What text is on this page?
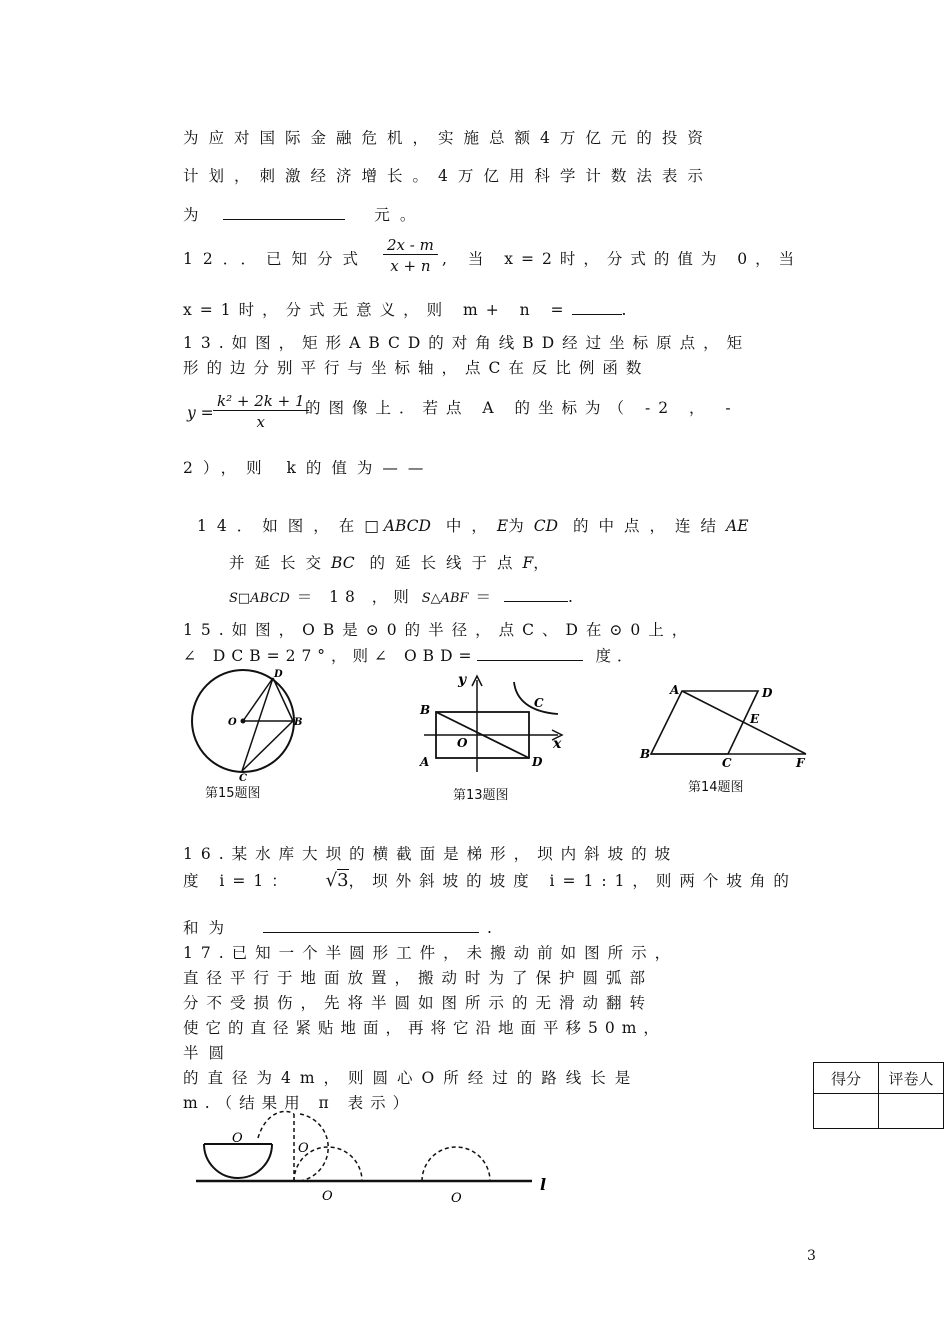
为应对国际金融危机，实施总额4万亿元的投资
计划，刺激经济增长。4万亿用科学计数法表示
为	元。
12．．已知分式 $\frac{2x - m}{x + n}$ , 当 x=2时，分式的值为 0，当
x=1时，分式无意义，则 m+ n =	.
13.如图，矩形ABCD的对角线BD经过坐标原点，矩
形的边分别平行与坐标轴，点C在反比例函数
$y = \frac{\text{k² + 2k + 1}}{x}$
的图像上．若点 A 的坐标为（ -2 ， -
2），则 k的值为——
14．如图，在□ ABCD 中，E为CD 的中点，连结AE
并延长交BC 的延长线于点F，
S□ABCD ＝ 18 ，则 S△ABF ＝	.
15.如图，OB是⊙0的半径，点C、D在⊙0上，
∠ DCB=27°，则∠ OBD=	度．
O	B
D
C
第15题图
y
x
B
O
A	D
C
第13题图
A	D
E
B
C	F
第14题图
16.某水库大坝的横截面是梯形，坝内斜坡的坡
度 i=1： √3，坝外斜坡的坡度 i=1:1，则两个坡角的
和为	.
17.已知一个半圆形工件，未搬动前如图所示，
直径平行于地面放置，搬动时为了保护圆弧部
分不受损伤，先将半圆如图所示的无滑动翻转
使它的直径紧贴地面，再将它沿地面平移50m，
半圆
的直径为4m，则圆心O所经过的路线长是
m.（结果用 π 表示）
得分	评卷人

O
O
O	O
l
3
